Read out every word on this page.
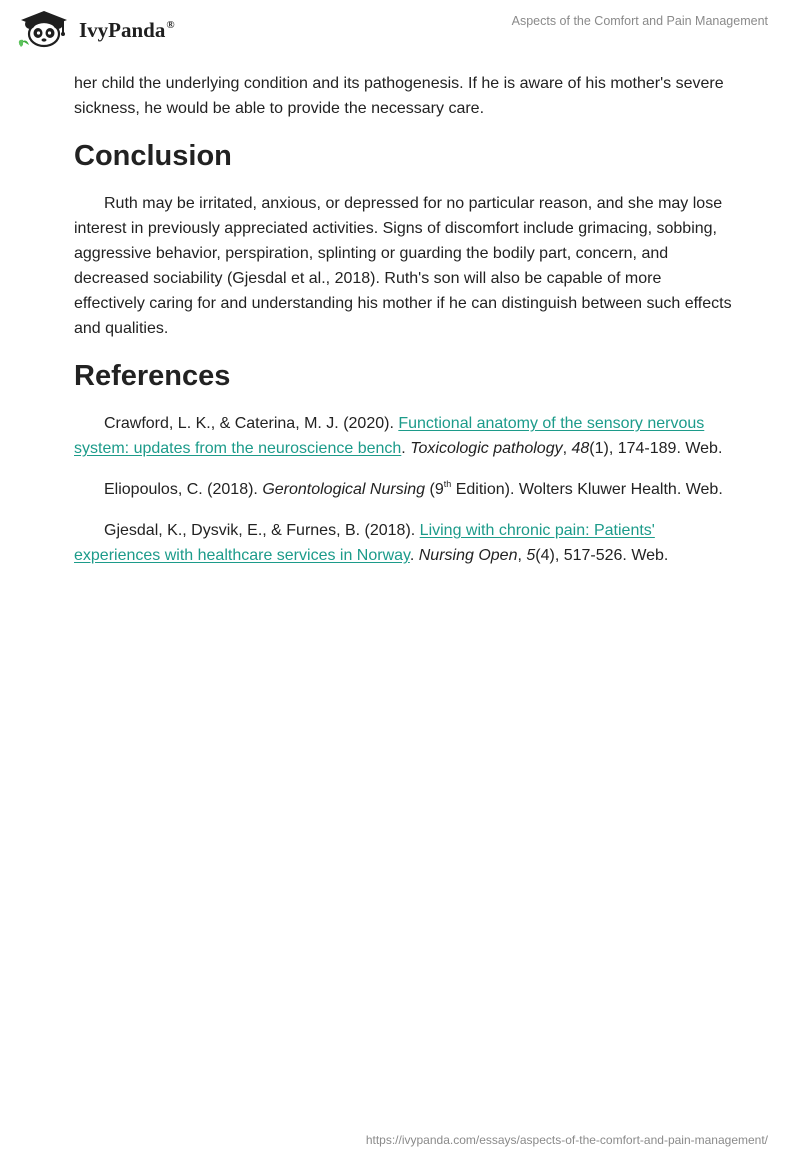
IvyPanda®	Aspects of the Comfort and Pain Management

her child the underlying condition and its pathogenesis. If he is aware of his mother's severe sickness, he would be able to provide the necessary care.

Conclusion

Ruth may be irritated, anxious, or depressed for no particular reason, and she may lose interest in previously appreciated activities. Signs of discomfort include grimacing, sobbing, aggressive behavior, perspiration, splinting or guarding the bodily part, concern, and decreased sociability (Gjesdal et al., 2018). Ruth's son will also be capable of more effectively caring for and understanding his mother if he can distinguish between such effects and qualities.

References

Crawford, L. K., & Caterina, M. J. (2020). Functional anatomy of the sensory nervous system: updates from the neuroscience bench. Toxicologic pathology, 48(1), 174-189. Web.

Eliopoulos, C. (2018). Gerontological Nursing (9th Edition). Wolters Kluwer Health. Web.

Gjesdal, K., Dysvik, E., & Furnes, B. (2018). Living with chronic pain: Patients' experiences with healthcare services in Norway. Nursing Open, 5(4), 517-526. Web.

https://ivypanda.com/essays/aspects-of-the-comfort-and-pain-management/
